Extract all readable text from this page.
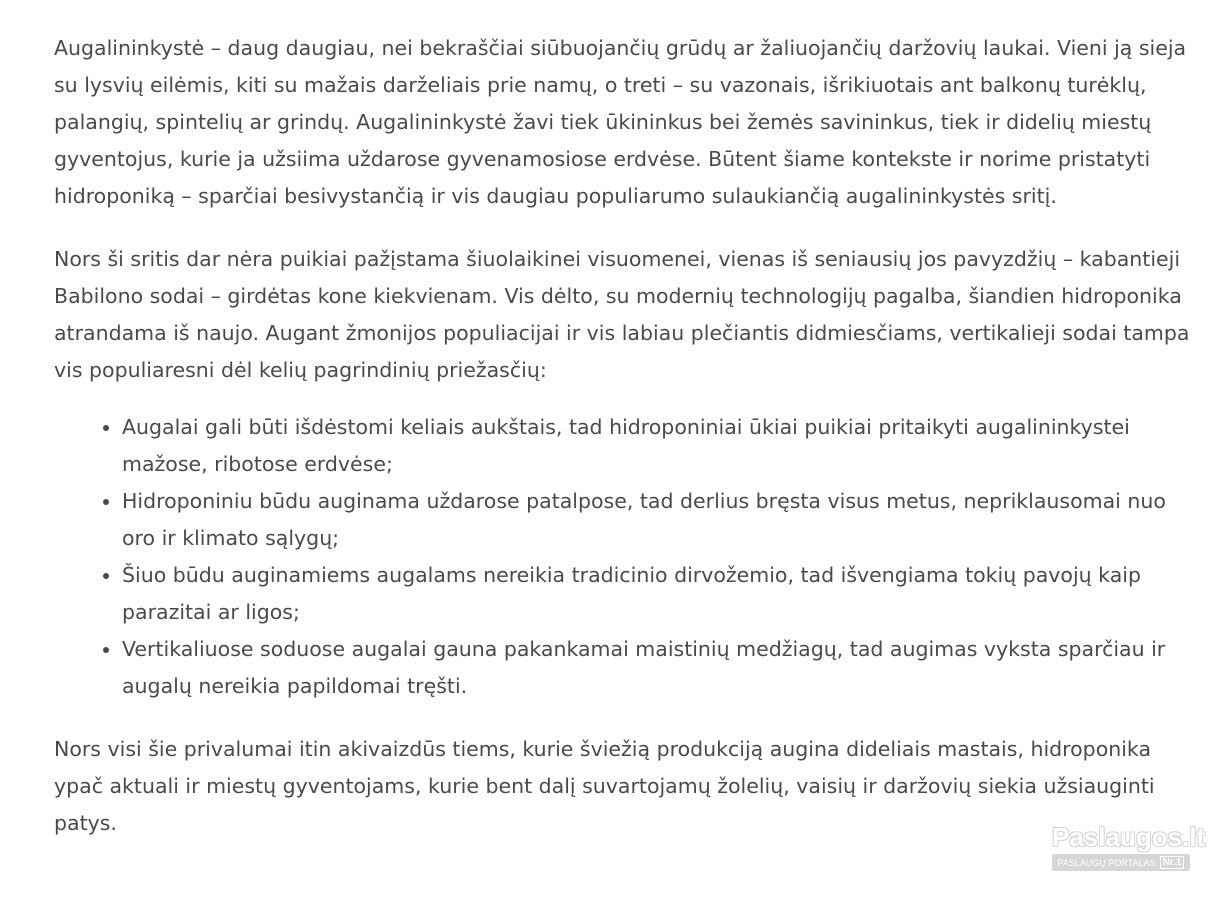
Augalininkystė – daug daugiau, nei bekraščiai siūbuojančių grūdų ar žaliuojančių daržovių laukai. Vieni ją sieja su lysvių eilėmis, kiti su mažais darželiais prie namų, o treti – su vazonais, išrikiuotais ant balkonų turėklų, palangių, spintelių ar grindų. Augalininkystė žavi tiek ūkininkus bei žemės savininkus, tiek ir didelių miestų gyventojus, kurie ja užsiima uždarose gyvenamosiose erdvėse. Būtent šiame kontekste ir norime pristatyti hidroponiką – sparčiai besivystančią ir vis daugiau populiarumo sulaukiančią augalininkystės sritį.

Nors ši sritis dar nėra puikiai pažįstama šiuolaikinei visuomenei, vienas iš seniausių jos pavyzdžių – kabantieji Babilono sodai – girdėtas kone kiekvienam. Vis dėlto, su modernių technologijų pagalba, šiandien hidroponika atrandama iš naujo. Augant žmonijos populiacijai ir vis labiau plečiantis didmiesčiams, vertikalieji sodai tampa vis populiaresni dėl kelių pagrindinių priežasčių:

• Augalai gali būti išdėstomi keliais aukštais, tad hidroponiniai ūkiai puikiai pritaikyti augalininkystei mažose, ribotose erdvėse;
• Hidroponiniu būdu auginama uždarose patalpose, tad derlius bręsta visus metus, nepriklausomai nuo oro ir klimato sąlygų;
• Šiuo būdu auginamiems augalams nereikia tradicinio dirvožemio, tad išvengiama tokių pavojų kaip parazitai ar ligos;
• Vertikaliuose soduose augalai gauna pakankamai maistinių medžiagų, tad augimas vyksta sparčiau ir augalų nereikia papildomai tręšti.

Nors visi šie privalumai itin akivaizdūs tiems, kurie šviežią produkciją augina dideliais mastais, hidroponika ypač aktuali ir miestų gyventojams, kurie bent dalį suvartojamų žolelių, vaisių ir daržovių siekia užsiauginti patys.	Paslaugos.lt
PASLAUGŲ PORTALAS Nr.1
